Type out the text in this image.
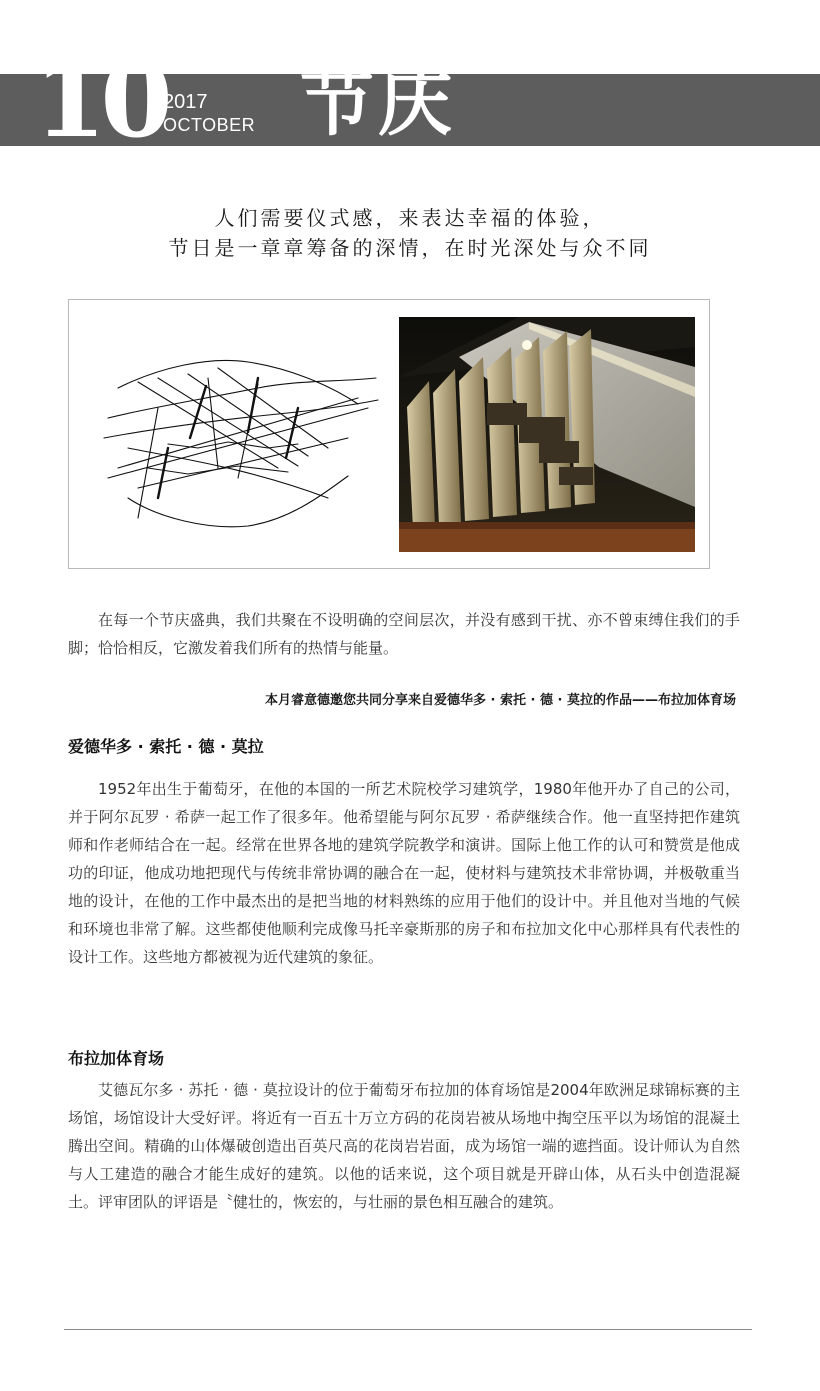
10
2017
OCTOBER 节庆
人们需要仪式感，来表达幸福的体验，
节日是一章章筹备的深情，在时光深处与众不同

在每一个节庆盛典，我们共聚在不设明确的空间层次，并没有感到干扰、亦不曾束缚住我们的手脚；恰恰相反，它激发着我们所有的热情与能量。

本月睿意德邀您共同分享来自爱德华多 · 索托 · 德 · 莫拉的作品——布拉加体育场
爱德华多 · 索托 · 德 · 莫拉

1952年出生于葡萄牙，在他的本国的一所艺术院校学习建筑学，1980年他开办了自己的公司，并于阿尔瓦罗 · 希萨一起工作了很多年。他希望能与阿尔瓦罗 · 希萨继续合作。他一直坚持把作建筑师和作老师结合在一起。经常在世界各地的建筑学院教学和演讲。国际上他工作的认可和赞赏是他成功的印证，他成功地把现代与传统非常协调的融合在一起，使材料与建筑技术非常协调，并极敬重当地的设计，在他的工作中最杰出的是把当地的材料熟练的应用于他们的设计中。并且他对当地的气候和环境也非常了解。这些都使他顺利完成像马托辛豪斯那的房子和布拉加文化中心那样具有代表性的设计工作。这些地方都被视为近代建筑的象征。

布拉加体育场

艾德瓦尔多 · 苏托 · 德 · 莫拉设计的位于葡萄牙布拉加的体育场馆是2004年欧洲足球锦标赛的主场馆，场馆设计大受好评。将近有一百五十万立方码的花岗岩被从场地中掏空压平以为场馆的混凝土腾出空间。精确的山体爆破创造出百英尺高的花岗岩岩面，成为场馆一端的遮挡面。设计师认为自然与人工建造的融合才能生成好的建筑。以他的话来说，这个项目就是开辟山体，从石头中创造混凝土。评审团队的评语是〝健壮的，恢宏的，与壮丽的景色相互融合的建筑。
